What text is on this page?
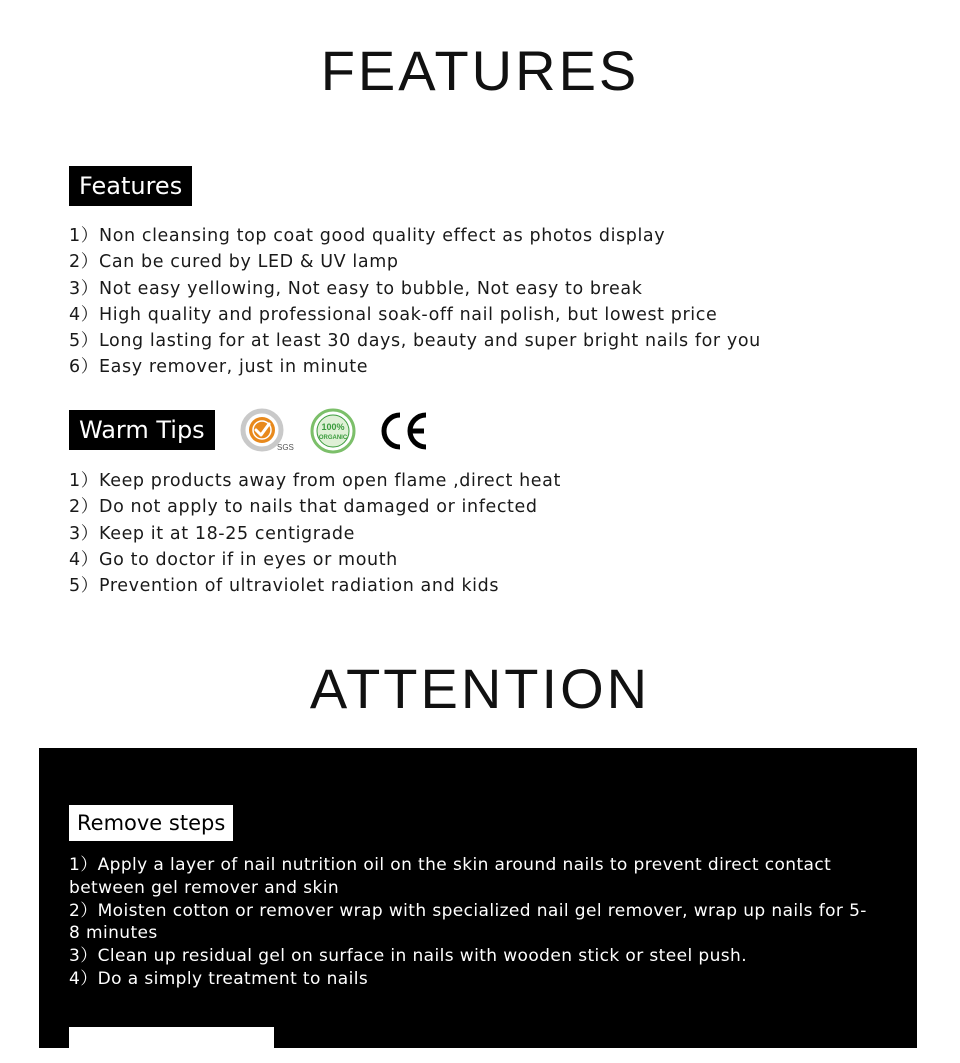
FEATURES
Features
1）Non cleansing top coat good quality effect as photos display
2）Can be cured by LED & UV lamp
3）Not easy yellowing, Not easy to bubble, Not easy to break
4）High quality and professional soak-off nail polish, but lowest price
5）Long lasting for at least 30 days, beauty and super bright nails for you
6）Easy remover, just in minute
Warm Tips
SGS
100%
ORGANIC
1）Keep products away from open flame ,direct heat
2）Do not apply to nails that damaged or infected
3）Keep it at 18-25 centigrade
4）Go to doctor if in eyes or mouth
5）Prevention of ultraviolet radiation and kids
ATTENTION
Remove steps

1）Apply a layer of nail nutrition oil on the skin around nails to prevent direct contact between gel remover and skin

2）Moisten cotton or remover wrap with specialized nail gel remover, wrap up nails for 5-8 minutes

3）Clean up residual gel on surface in nails with wooden stick or steel push.

4）Do a simply treatment to nails
